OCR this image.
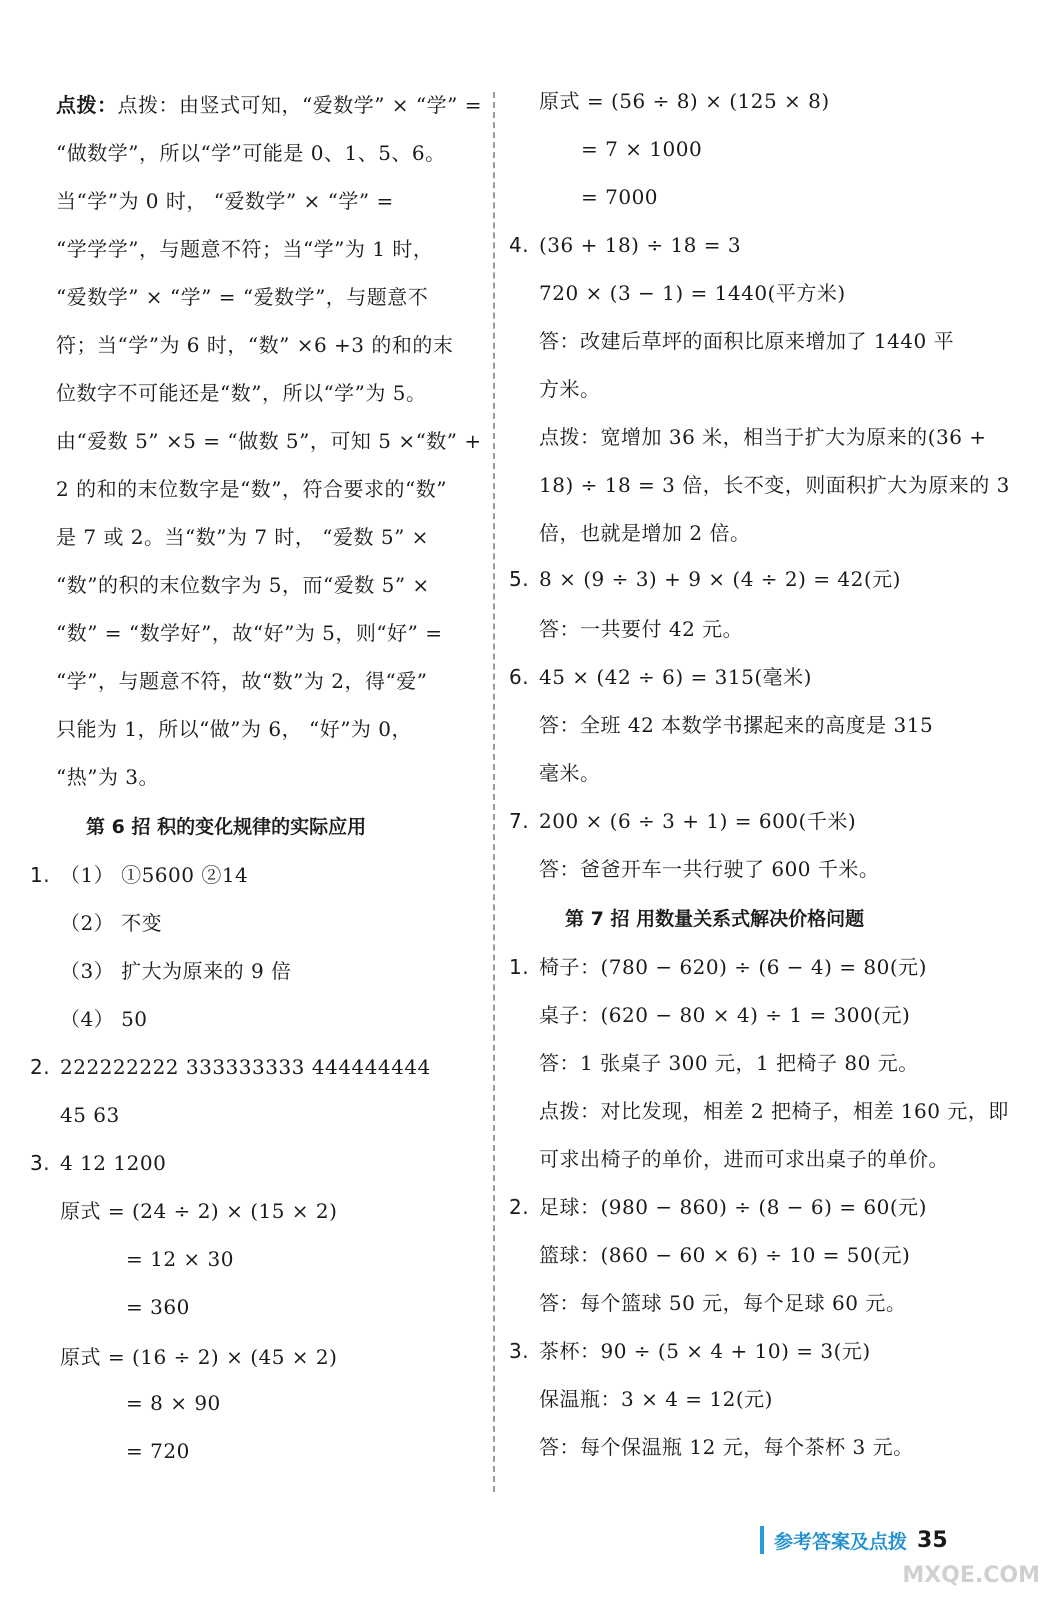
点拨：点拨：由竖式可知，“爱数学” × “学” =
“做数学”，所以“学”可能是 0、1、5、6。
当“学”为 0 时， “爱数学” × “学” =
“学学学”，与题意不符；当“学”为 1 时，
“爱数学” × “学” = “爱数学”，与题意不
符；当“学”为 6 时，“数” ×6 +3 的和的末
位数字不可能还是“数”，所以“学”为 5。
由“爱数 5” ×5 = “做数 5”，可知 5 ×“数” +
2 的和的末位数字是“数”，符合要求的“数”
是 7 或 2。当“数”为 7 时， “爱数 5” ×
“数”的积的末位数字为 5，而“爱数 5” ×
“数” = “数学好”，故“好”为 5，则“好” =
“学”，与题意不符，故“数”为 2，得“爱”
只能为 1，所以“做”为 6， “好”为 0，
“热”为 3。
第 6 招 积的变化规律的实际应用
1. （1） ①5600 ②14
（2） 不变
（3） 扩大为原来的 9 倍
（4） 50
2. 222222222 333333333 444444444
45 63
3. 4 12 1200
原式 = (24 ÷ 2) × (15 × 2)
= 12 × 30
= 360
原式 = (16 ÷ 2) × (45 × 2)
= 8 × 90
= 720
原式 = (56 ÷ 8) × (125 × 8)
= 7 × 1000
= 7000
4. (36 + 18) ÷ 18 = 3
720 × (3 − 1) = 1440(平方米)
答：改建后草坪的面积比原来增加了 1440 平
方米。
点拨：宽增加 36 米，相当于扩大为原来的(36 +
18) ÷ 18 = 3 倍，长不变，则面积扩大为原来的 3
倍，也就是增加 2 倍。
5. 8 × (9 ÷ 3) + 9 × (4 ÷ 2) = 42(元)
答：一共要付 42 元。
6. 45 × (42 ÷ 6) = 315(毫米)
答：全班 42 本数学书摞起来的高度是 315
毫米。
7. 200 × (6 ÷ 3 + 1) = 600(千米)
答：爸爸开车一共行驶了 600 千米。
第 7 招 用数量关系式解决价格问题
1. 椅子：(780 − 620) ÷ (6 − 4) = 80(元)
桌子：(620 − 80 × 4) ÷ 1 = 300(元)
答：1 张桌子 300 元，1 把椅子 80 元。
点拨：对比发现，相差 2 把椅子，相差 160 元，即
可求出椅子的单价，进而可求出桌子的单价。
2. 足球：(980 − 860) ÷ (8 − 6) = 60(元)
篮球：(860 − 60 × 6) ÷ 10 = 50(元)
答：每个篮球 50 元，每个足球 60 元。
3. 茶杯：90 ÷ (5 × 4 + 10) = 3(元)
保温瓶：3 × 4 = 12(元)
答：每个保温瓶 12 元，每个茶杯 3 元。
参考答案及点拨 35
MXQE.COM
